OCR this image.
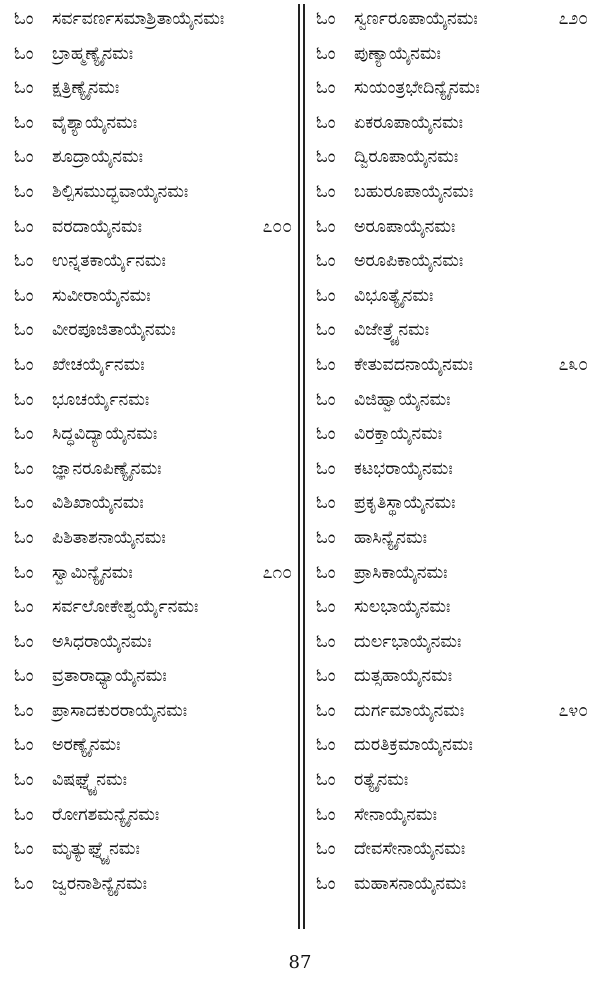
ಓಂ ಸರ್ವವರ್ಣಸಮಾಶ್ರಿತಾಯೈನಮಃ
ಓಂ ಬ್ರಾಹ್ಮಣ್ಯೈನಮಃ
ಓಂ ಕ್ಷತ್ರಿಣ್ಯೈನಮಃ
ಓಂ ವೈಶ್ಯಾಯೈನಮಃ
ಓಂ ಶೂದ್ರಾಯೈನಮಃ
ಓಂ ಶಿಲ್ಪಿಸಮುದ್ಭವಾಯೈನಮಃ
ಓಂ ವರದಾಯೈನಮಃ	೭೦೦
ಓಂ ಉನ್ನತಕಾರ್ಯೈನಮಃ
ಓಂ ಸುವೀರಾಯೈನಮಃ
ಓಂ ವೀರಪೂಜಿತಾಯೈನಮಃ
ಓಂ ಖೇಚರ್ಯೈನಮಃ
ಓಂ ಭೂಚರ್ಯೈನಮಃ
ಓಂ ಸಿದ್ಧವಿದ್ಯಾಯೈನಮಃ
ಓಂ ಜ್ಞಾನರೂಪಿಣ್ಯೈನಮಃ
ಓಂ ವಿಶಿಖಾಯೈನಮಃ
ಓಂ ಪಿಶಿತಾಶನಾಯೈನಮಃ
ಓಂ ಸ್ವಾಮಿನ್ಯೈನಮಃ	೭೧೦
ಓಂ ಸರ್ವಲೋಕೇಶ್ವರ್ಯೈನಮಃ
ಓಂ ಅಸಿಧರಾಯೈನಮಃ
ಓಂ ವ್ರತಾರಾಧ್ಯಾಯೈನಮಃ
ಓಂ ಪ್ರಾಸಾದಕುರರಾಯೈನಮಃ
ಓಂ ಅರಣ್ಯೈನಮಃ
ಓಂ ವಿಷಘ್ನ್ಯೈನಮಃ
ಓಂ ರೋಗಶಮನ್ಯೈನಮಃ
ಓಂ ಮೃತ್ಯುಘ್ನ್ಯೈನಮಃ
ಓಂ ಜ್ವರನಾಶಿನ್ಯೈನಮಃ
ಓಂ ಸ್ವರ್ಣರೂಪಾಯೈನಮಃ	೭೨೦
ಓಂ ಪುಣ್ಯಾಯೈನಮಃ
ಓಂ ಸುಯಂತ್ರಭೇದಿನ್ಯೈನಮಃ
ಓಂ ಏಕರೂಪಾಯೈನಮಃ
ಓಂ ದ್ವಿರೂಪಾಯೈನಮಃ
ಓಂ ಬಹುರೂಪಾಯೈನಮಃ
ಓಂ ಅರೂಪಾಯೈನಮಃ
ಓಂ ಅರೂಪಿಕಾಯೈನಮಃ
ಓಂ ವಿಭೂತ್ಯೈನಮಃ
ಓಂ ವಿಜೇತ್ರ್ಯೈನಮಃ
ಓಂ ಕೇತುವದನಾಯೈನಮಃ	೭೩೦
ಓಂ ವಿಜಿಹ್ವಾಯೈನಮಃ
ಓಂ ವಿರಕ್ತಾಯೈನಮಃ
ಓಂ ಕಟಭರಾಯೈನಮಃ
ಓಂ ಪ್ರಕೃತಿಸ್ಥಾಯೈನಮಃ
ಓಂ ಹಾಸಿನ್ಯೈನಮಃ
ಓಂ ಪ್ರಾಸಿಕಾಯೈನಮಃ
ಓಂ ಸುಲಭಾಯೈನಮಃ
ಓಂ ದುರ್ಲಭಾಯೈನಮಃ
ಓಂ ದುತ್ಸಹಾಯೈನಮಃ
ಓಂ ದುರ್ಗಮಾಯೈನಮಃ	೭೪೦
ಓಂ ದುರತಿಕ್ರಮಾಯೈನಮಃ
ಓಂ ರತ್ಯೈನಮಃ
ಓಂ ಸೇನಾಯೈನಮಃ
ಓಂ ದೇವಸೇನಾಯೈನಮಃ
ಓಂ ಮಹಾಸನಾಯೈನಮಃ
87
